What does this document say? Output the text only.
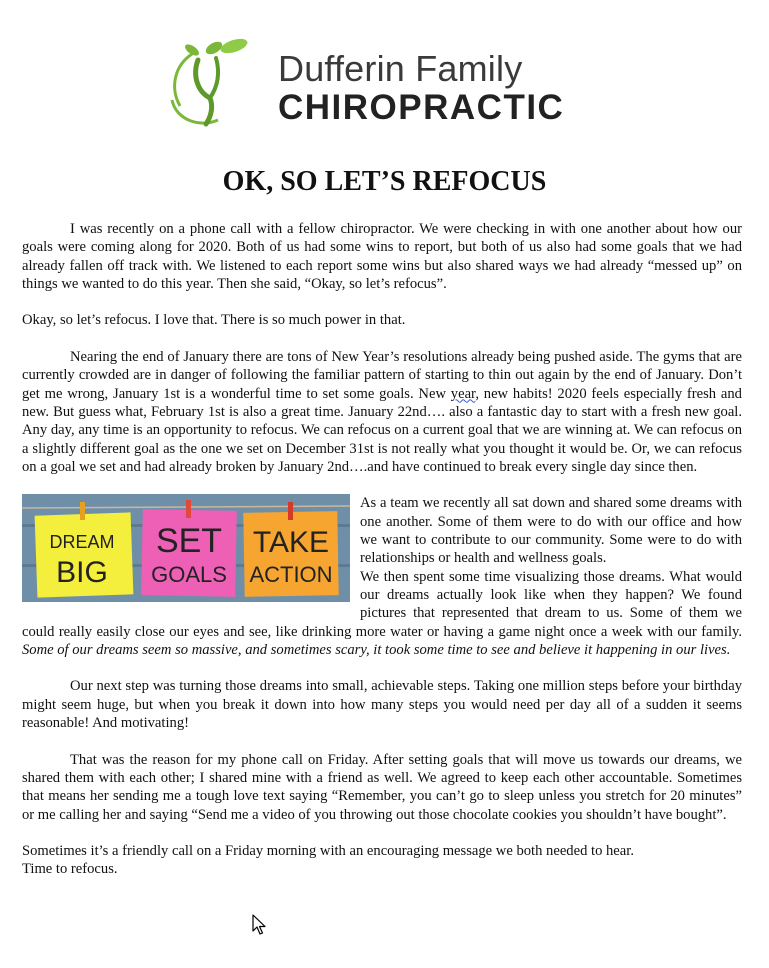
Dufferin Family
CHIROPRACTIC
OK, SO LET’S REFOCUS

I was recently on a phone call with a fellow chiropractor. We were checking in with one another about how our goals were coming along for 2020. Both of us had some wins to report, but both of us also had some goals that we had already fallen off track with. We listened to each report some wins but also shared ways we had already “messed up” on things we wanted to do this year. Then she said, “Okay, so let’s refocus”.

Okay, so let’s refocus. I love that. There is so much power in that.

Nearing the end of January there are tons of New Year’s resolutions already being pushed aside. The gyms that are currently crowded are in danger of following the familiar pattern of starting to thin out again by the end of January. Don’t get me wrong, January 1st is a wonderful time to set some goals. New year, new habits! 2020 feels especially fresh and new. But guess what, February 1st is also a great time. January 22nd…. also a fantastic day to start with a fresh new goal. Any day, any time is an opportunity to refocus. We can refocus on a current goal that we are winning at. We can refocus on a slightly different goal as the one we set on December 31st is not really what you thought it would be. Or, we can refocus on a goal we set and had already broken by January 2nd….and have continued to break every single day since then.

DREAM
BIG
SET
GOALS
TAKE
ACTION

As a team we recently all sat down and shared some dreams with one another. Some of them were to do with our office and how we want to contribute to our community. Some were to do with relationships or health and wellness goals.

We then spent some time visualizing those dreams. What would our dreams actually look like when they happen? We found pictures that represented that dream to us. Some of them we could really easily close our eyes and see, like drinking more water or having a game night once a week with our family. Some of our dreams seem so massive, and sometimes scary, it took some time to see and believe it happening in our lives.

Our next step was turning those dreams into small, achievable steps. Taking one million steps before your birthday might seem huge, but when you break it down into how many steps you would need per day all of a sudden it seems reasonable! And motivating!

That was the reason for my phone call on Friday. After setting goals that will move us towards our dreams, we shared them with each other; I shared mine with a friend as well. We agreed to keep each other accountable. Sometimes that means her sending me a tough love text saying “Remember, you can’t go to sleep unless you stretch for 20 minutes” or me calling her and saying “Send me a video of you throwing out those chocolate cookies you shouldn’t have bought”.

Sometimes it’s a friendly call on a Friday morning with an encouraging message we both needed to hear.

Time to refocus.
